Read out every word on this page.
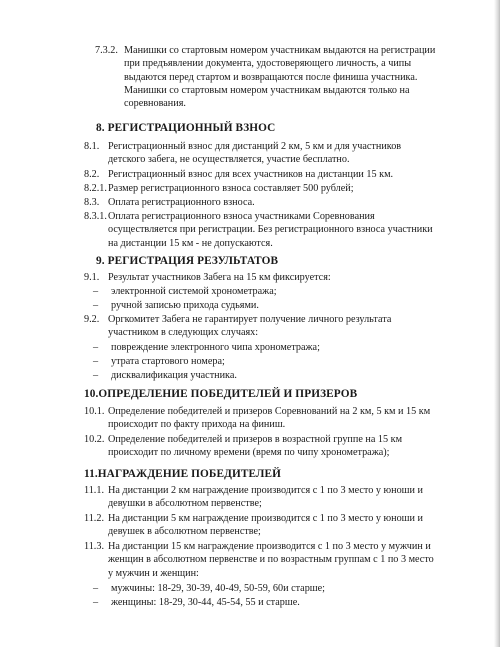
7.3.2. Манишки со стартовым номером участникам выдаются на регистрации
при предъявлении документа, удостоверяющего личность, а чипы
выдаются перед стартом и возвращаются после финиша участника.
Манишки со стартовым номером участникам выдаются только на
соревнования.
8. РЕГИСТРАЦИОННЫЙ ВЗНОС
8.1. Регистрационный взнос для дистанций 2 км, 5 км и для участников
детского забега, не осуществляется, участие бесплатно.
8.2. Регистрационный взнос для всех участников на дистанции 15 км.
8.2.1. Размер регистрационного взноса составляет 500 рублей;
8.3. Оплата регистрационного взноса.
8.3.1. Оплата регистрационного взноса участниками Соревнования
осуществляется при регистрации. Без регистрационного взноса участники
на дистанции 15 км - не допускаются.
9. РЕГИСТРАЦИЯ РЕЗУЛЬТАТОВ
9.1. Результат участников Забега на 15 км фиксируется:
– электронной системой хронометража;
– ручной записью прихода судьями.
9.2. Оргкомитет Забега не гарантирует получение личного результата
участником в следующих случаях:
– повреждение электронного чипа хронометража;
– утрата стартового номера;
– дисквалификация участника.
10.ОПРЕДЕЛЕНИЕ ПОБЕДИТЕЛЕЙ И ПРИЗЕРОВ
10.1. Определение победителей и призеров Соревнований на 2 км, 5 км и 15 км
происходит по факту прихода на финиш.
10.2. Определение победителей и призеров в возрастной группе на 15 км
происходит по личному времени (время по чипу хронометража);
11.НАГРАЖДЕНИЕ ПОБЕДИТЕЛЕЙ
11.1. На дистанции 2 км награждение производится с 1 по 3 место у юноши и
девушки в абсолютном первенстве;
11.2. На дистанции 5 км награждение производится с 1 по 3 место у юноши и
девушек в абсолютном первенстве;
11.3. На дистанции 15 км награждение производится с 1 по 3 место у мужчин и
женщин в абсолютном первенстве и по возрастным группам с 1 по 3 место
у мужчин и женщин:
– мужчины: 18-29, 30-39, 40-49, 50-59, 60и старше;
– женщины: 18-29, 30-44, 45-54, 55 и старше.
